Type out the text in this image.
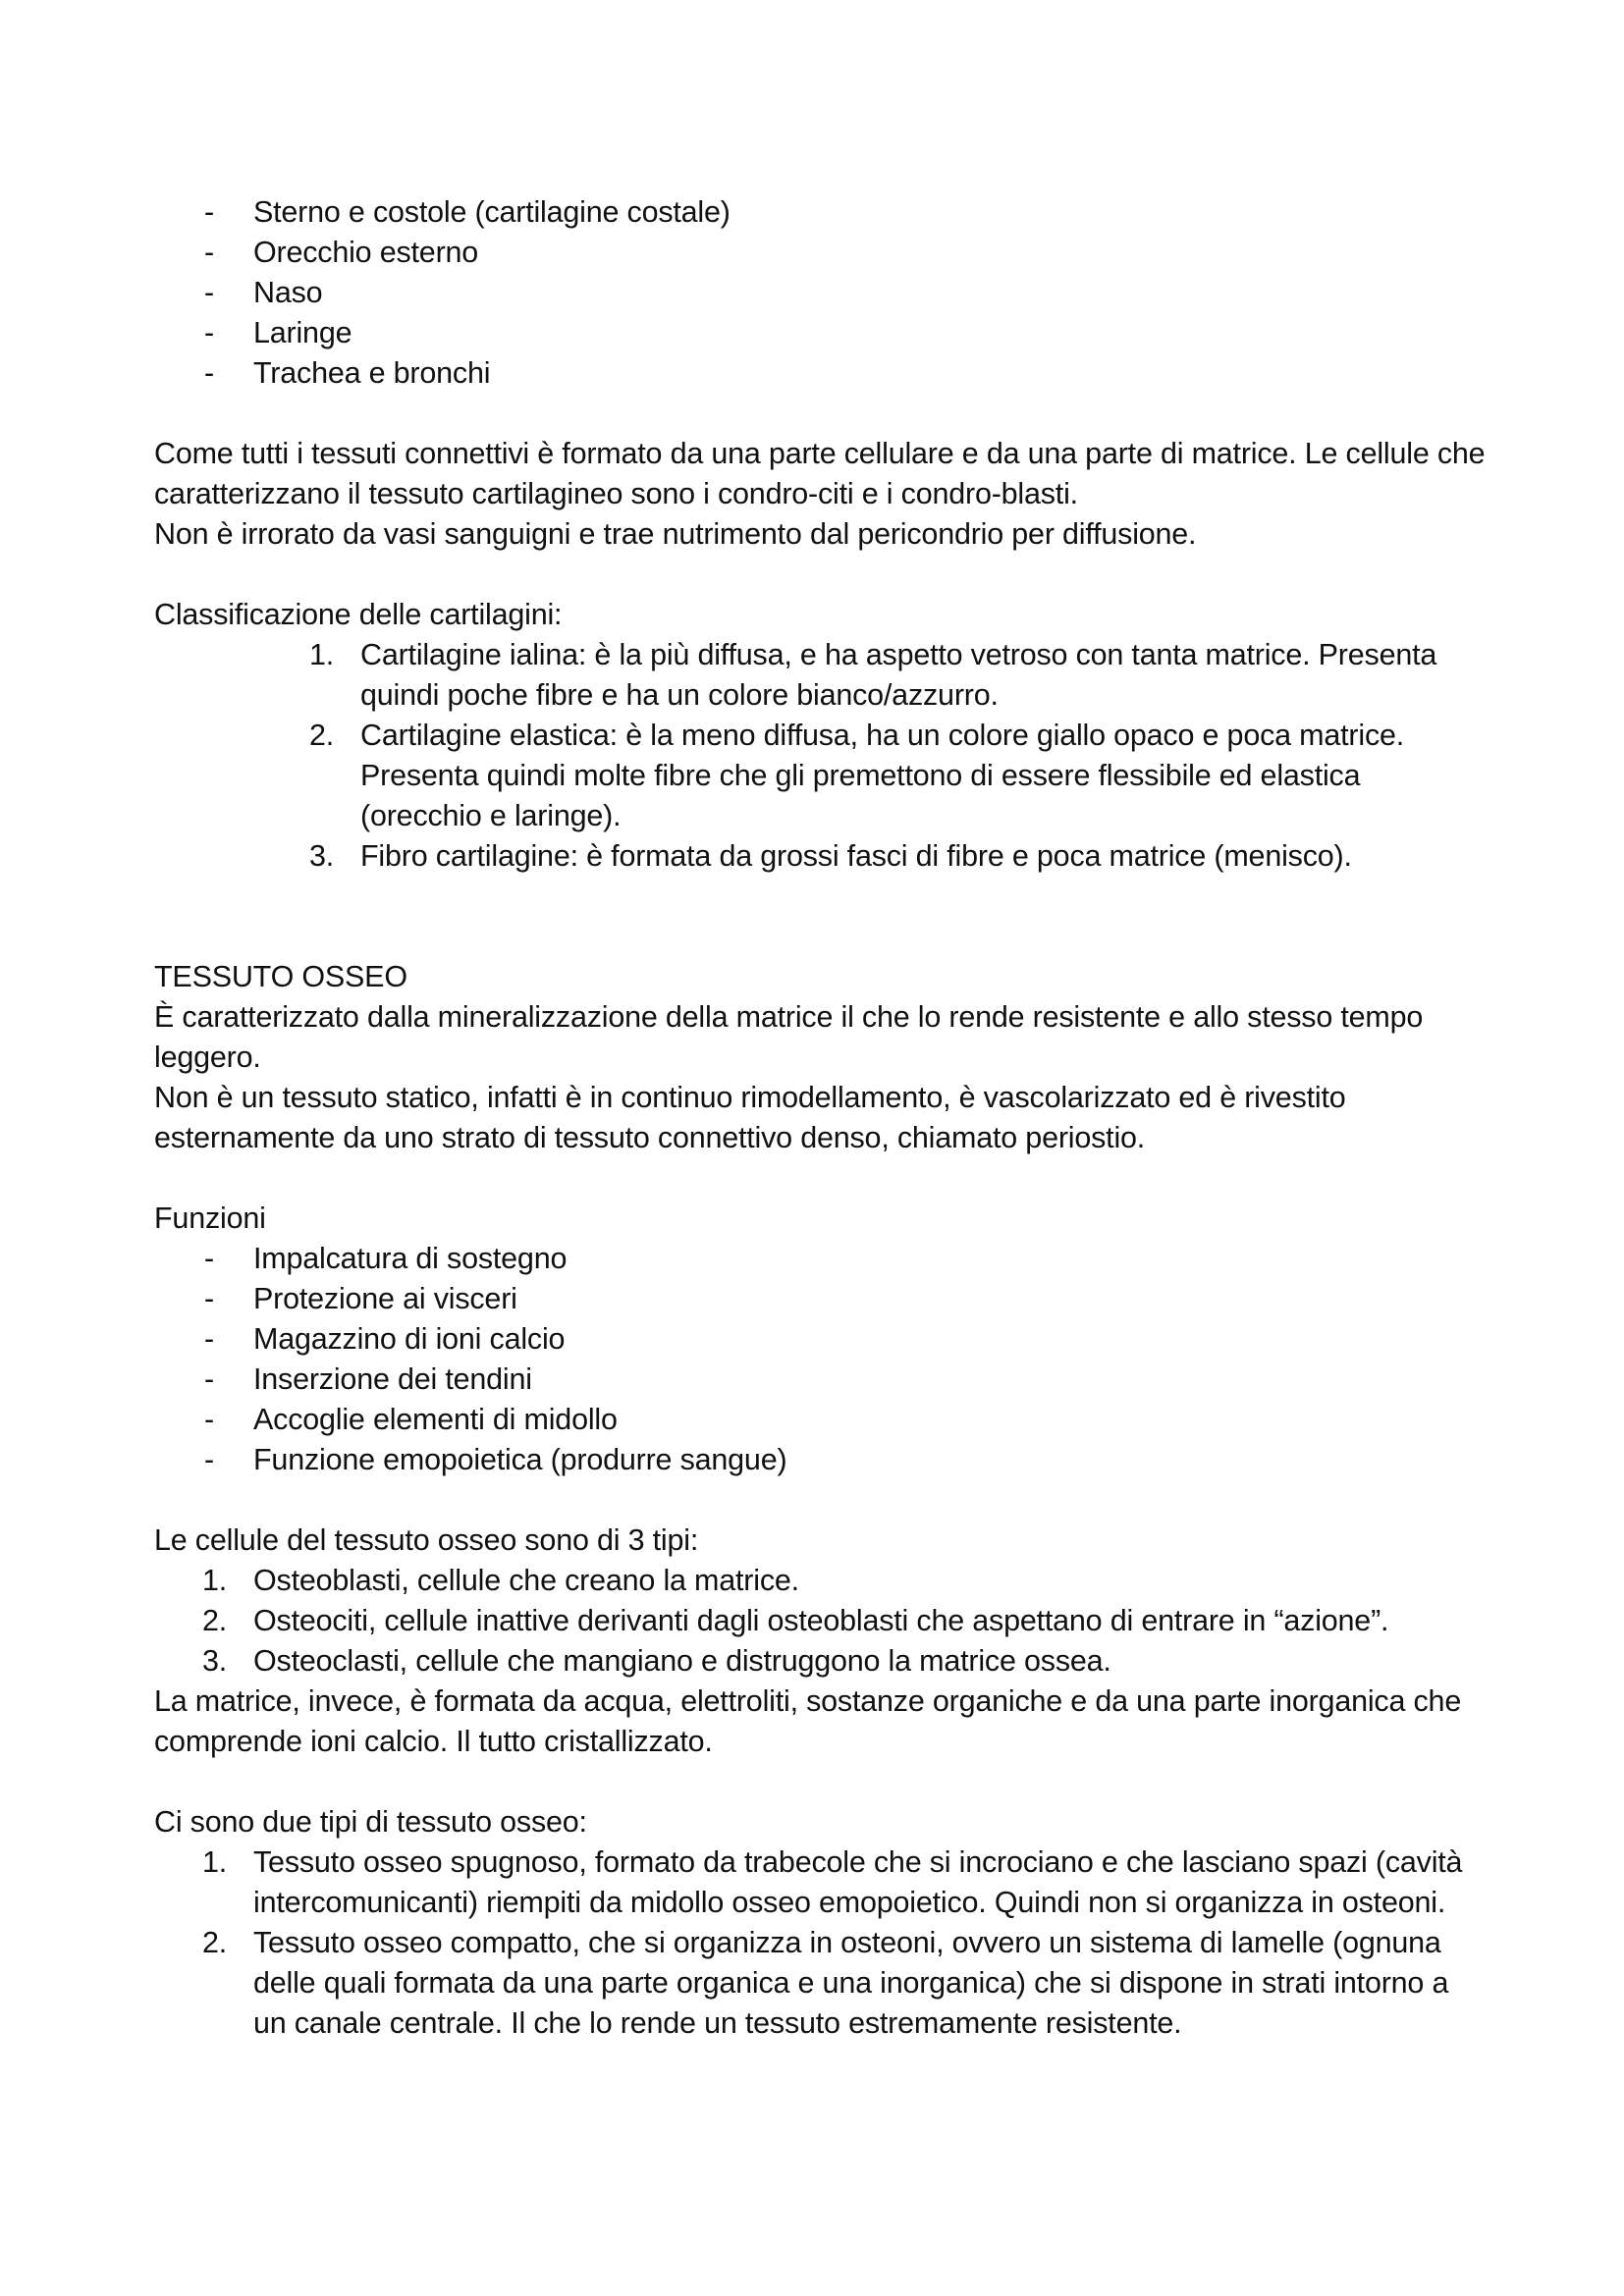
- Sterno e costole (cartilagine costale)
- Orecchio esterno
- Naso
- Laringe
- Trachea e bronchi

Come tutti i tessuti connettivi è formato da una parte cellulare e da una parte di matrice. Le cellule che caratterizzano il tessuto cartilagineo sono i condro-citi e i condro-blasti.

Non è irrorato da vasi sanguigni e trae nutrimento dal pericondrio per diffusione.

Classificazione delle cartilagini:

1. Cartilagine ialina: è la più diffusa, e ha aspetto vetroso con tanta matrice. Presenta quindi poche fibre e ha un colore bianco/azzurro.
2. Cartilagine elastica: è la meno diffusa, ha un colore giallo opaco e poca matrice. Presenta quindi molte fibre che gli premettono di essere flessibile ed elastica (orecchio e laringe).
3. Fibro cartilagine: è formata da grossi fasci di fibre e poca matrice (menisco).

TESSUTO OSSEO

È caratterizzato dalla mineralizzazione della matrice il che lo rende resistente e allo stesso tempo leggero.

Non è un tessuto statico, infatti è in continuo rimodellamento, è vascolarizzato ed è rivestito esternamente da uno strato di tessuto connettivo denso, chiamato periostio.

Funzioni

- Impalcatura di sostegno
- Protezione ai visceri
- Magazzino di ioni calcio
- Inserzione dei tendini
- Accoglie elementi di midollo
- Funzione emopoietica (produrre sangue)

Le cellule del tessuto osseo sono di 3 tipi:

1. Osteoblasti, cellule che creano la matrice.
2. Osteociti, cellule inattive derivanti dagli osteoblasti che aspettano di entrare in “azione”.
3. Osteoclasti, cellule che mangiano e distruggono la matrice ossea.

La matrice, invece, è formata da acqua, elettroliti, sostanze organiche e da una parte inorganica che comprende ioni calcio. Il tutto cristallizzato.

Ci sono due tipi di tessuto osseo:

1. Tessuto osseo spugnoso, formato da trabecole che si incrociano e che lasciano spazi (cavità intercomunicanti) riempiti da midollo osseo emopoietico. Quindi non si organizza in osteoni.
2. Tessuto osseo compatto, che si organizza in osteoni, ovvero un sistema di lamelle (ognuna delle quali formata da una parte organica e una inorganica) che si dispone in strati intorno a un canale centrale. Il che lo rende un tessuto estremamente resistente.
